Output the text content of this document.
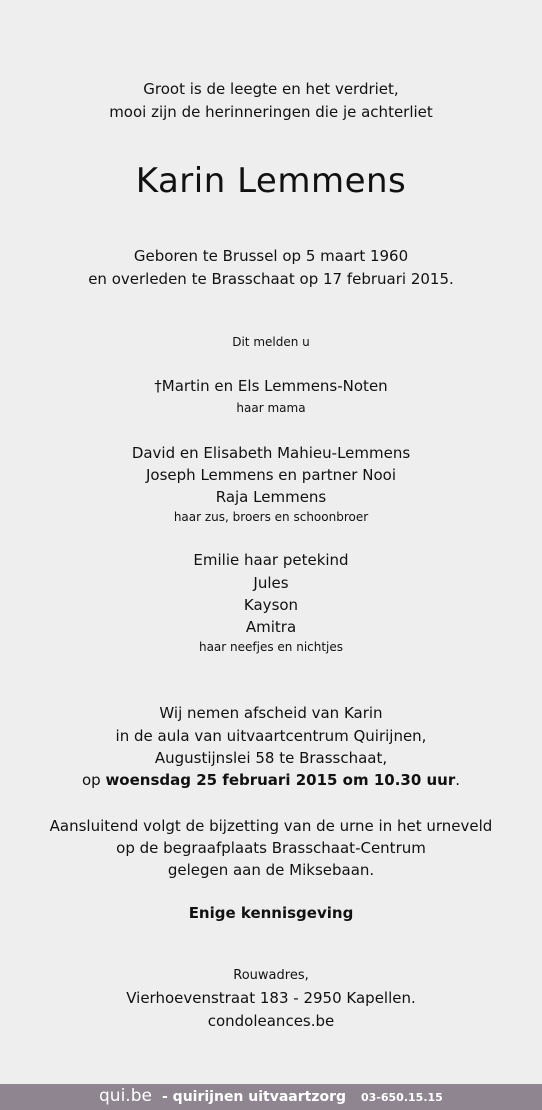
Groot is de leegte en het verdriet,
mooi zijn de herinneringen die je achterliet
Karin Lemmens
Geboren te Brussel op 5 maart 1960
en overleden te Brasschaat op 17 februari 2015.
Dit melden u
†Martin en Els Lemmens-Noten
haar mama
David en Elisabeth Mahieu-Lemmens
Joseph Lemmens en partner Nooi
Raja Lemmens
haar zus, broers en schoonbroer
Emilie haar petekind
Jules
Kayson
Amitra
haar neefjes en nichtjes
Wij nemen afscheid van Karin
in de aula van uitvaartcentrum Quirijnen,
Augustijnslei 58 te Brasschaat,
op woensdag 25 februari 2015 om 10.30 uur.
Aansluitend volgt de bijzetting van de urne in het urneveld
op de begraafplaats Brasschaat-Centrum
gelegen aan de Miksebaan.
Enige kennisgeving
Rouwadres,
Vierhoevenstraat 183 - 2950 Kapellen.
condoleances.be
qui.be - quirijnen uitvaartzorg 03-650.15.15
